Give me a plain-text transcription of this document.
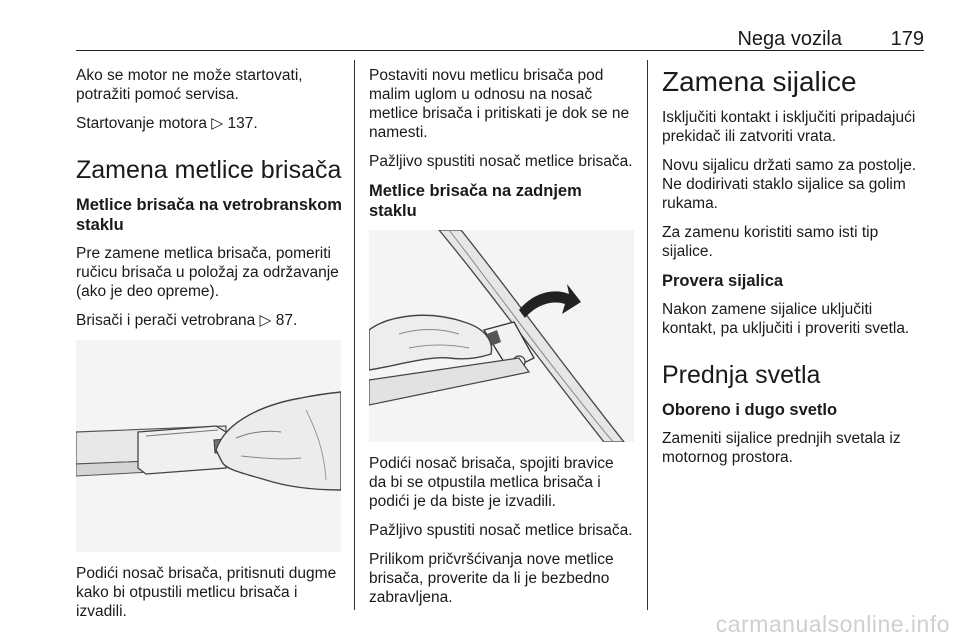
Nega vozila 179

Ako se motor ne može startovati, potražiti pomoć servisa.

Startovanje motora ▷ 137.

Zamena metlice brisača
Metlice brisača na vetrobranskom staklu

Pre zamene metlica brisača, pomeriti ručicu brisača u položaj za održavanje (ako je deo opreme).

Brisači i perači vetrobrana ▷ 87.

Podići nosač brisača, pritisnuti dugme kako bi otpustili metlicu brisača i izvadili.

Postaviti novu metlicu brisača pod malim uglom u odnosu na nosač metlice brisača i pritiskati je dok se ne namesti.

Pažljivo spustiti nosač metlice brisača.

Metlice brisača na zadnjem staklu

Podići nosač brisača, spojiti bravice da bi se otpustila metlica brisača i podići je da biste je izvadili.

Pažljivo spustiti nosač metlice brisača.

Prilikom pričvršćivanja nove metlice brisača, proverite da li je bezbedno zabravljena.

Zamena sijalice

Isključiti kontakt i isključiti pripadajući prekidač ili zatvoriti vrata.

Novu sijalicu držati samo za postolje. Ne dodirivati staklo sijalice sa golim rukama.

Za zamenu koristiti samo isti tip sijalice.

Provera sijalica

Nakon zamene sijalice uključiti kontakt, pa uključiti i proveriti svetla.

Prednja svetla
Oboreno i dugo svetlo

Zameniti sijalice prednjih svetala iz motornog prostora.

carmanualsonline.info
